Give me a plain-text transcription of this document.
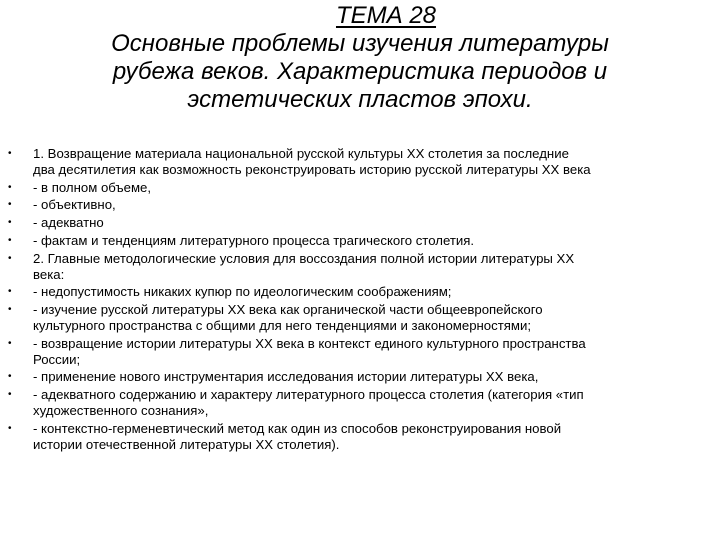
ТЕМА 28
Основные проблемы изучения литературы
рубежа веков. Характеристика периодов и
эстетических пластов эпохи.
• 1. Возвращение материала национальной русской культуры ХХ столетия за последние
два десятилетия как возможность реконструировать историю русской литературы ХХ века
• - в полном объеме,
• - объективно,
• - адекватно
• - фактам и тенденциям литературного процесса трагического столетия.
• 2. Главные методологические условия для воссоздания полной истории литературы ХХ
века:
• - недопустимость никаких купюр по идеологическим соображениям;
• - изучение русской литературы ХХ века как органической части общеевропейского
культурного пространства с общими для него тенденциями и закономерностями;
• - возвращение истории литературы ХХ века в контекст единого культурного пространства
России;
• - применение нового инструментария исследования истории литературы ХХ века,
• - адекватного содержанию и характеру литературного процесса столетия (категория «тип
художественного сознания»,
• - контекстно-герменевтический метод как один из способов реконструирования новой
истории отечественной литературы ХХ столетия).
